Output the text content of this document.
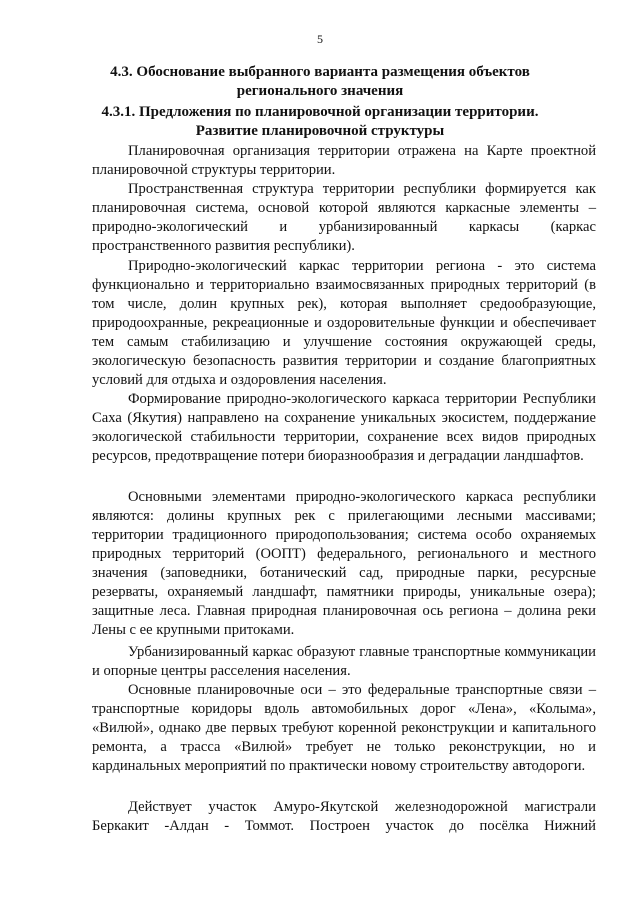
5
4.3. Обоснование выбранного варианта размещения объектов
регионального значения
4.3.1. Предложения по планировочной организации территории.
Развитие планировочной структуры
Планировочная организация территории отражена на Карте проектной планировочной структуры территории.
Пространственная структура территории республики формируется как планировочная система, основой которой являются каркасные элементы – природно-экологический и урбанизированный каркасы (каркас пространственного развития республики).
Природно-экологический каркас территории региона - это система функционально и территориально взаимосвязанных природных территорий (в том числе, долин крупных рек), которая выполняет средообразующие, природоохранные, рекреационные и оздоровительные функции и обеспечивает тем самым стабилизацию и улучшение состояния окружающей среды, экологическую безопасность развития территории и создание благоприятных условий для отдыха и оздоровления населения.
Формирование природно-экологического каркаса территории Республики Саха (Якутия) направлено на сохранение уникальных экосистем, поддержание экологической стабильности территории, сохранение всех видов природных ресурсов, предотвращение потери биоразнообразия и деградации ландшафтов.
Основными элементами природно-экологического каркаса республики являются: долины крупных рек с прилегающими лесными массивами; территории традиционного природопользования; система особо охраняемых природных территорий (ООПТ) федерального, регионального и местного значения (заповедники, ботанический сад, природные парки, ресурсные резерваты, охраняемый ландшафт, памятники природы, уникальные озера); защитные леса. Главная природная планировочная ось региона – долина реки Лены с ее крупными притоками.
Урбанизированный каркас образуют главные транспортные коммуникации и опорные центры расселения населения.
Основные планировочные оси – это федеральные транспортные связи – транспортные коридоры вдоль автомобильных дорог «Лена», «Колыма», «Вилюй», однако две первых требуют коренной реконструкции и капитального ремонта, а трасса «Вилюй» требует не только реконструкции, но и кардинальных мероприятий по практически новому строительству автодороги.
Действует участок Амуро-Якутской железнодорожной магистрали Беркакит -Алдан - Томмот. Построен участок до посёлка Нижний
